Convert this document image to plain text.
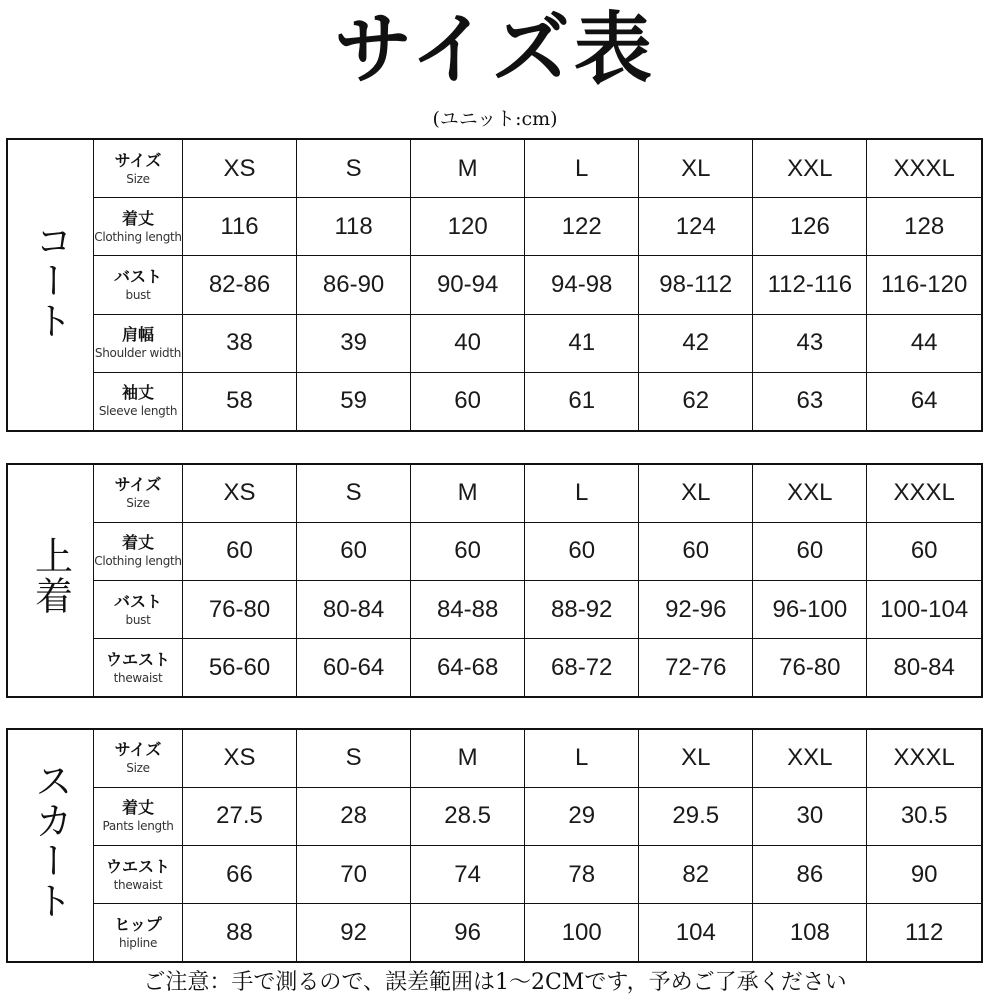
サイズ表
(ユニット:cm)
コート	サイズ
Size	XS	S	M	L	XL	XXL	XXXL

	着丈
Clothing length	116	118	120	122	124	126	128

	バスト
bust	82-86	86-90	90-94	94-98	98-112	112-116	116-120

	肩幅
Shoulder width	38	39	40	41	42	43	44

	袖丈
Sleeve length	58	59	60	61	62	63	64
上着	サイズ
Size	XS	S	M	L	XL	XXL	XXXL

	着丈
Clothing length	60	60	60	60	60	60	60

	バスト
bust	76-80	80-84	84-88	88-92	92-96	96-100	100-104

	ウエスト
thewaist	56-60	60-64	64-68	68-72	72-76	76-80	80-84
スカート	サイズ
Size	XS	S	M	L	XL	XXL	XXXL

	着丈
Pants length	27.5	28	28.5	29	29.5	30	30.5

	ウエスト
thewaist	66	70	74	78	82	86	90

	ヒップ
hipline	88	92	96	100	104	108	112
ご注意：手で測るので、誤差範囲は1～2CMです，予めご了承ください
